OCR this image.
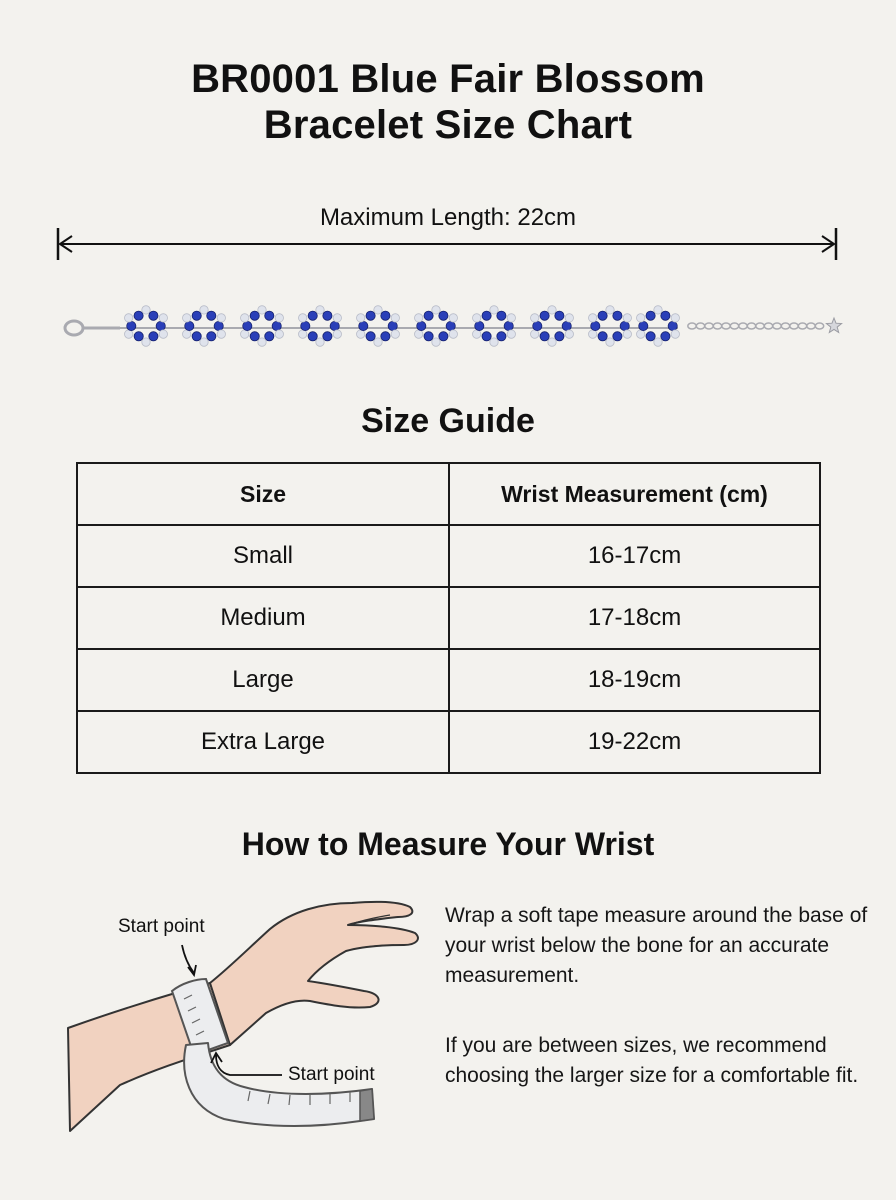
BR0001 Blue Fair Blossom
Bracelet Size Chart
Maximum Length: 22cm
Size Guide
Size	Wrist Measurement (cm)
Small	16-17cm
Medium	17-18cm
Large	18-19cm
Extra Large	19-22cm
How to Measure Your Wrist
Start point
Start point
Wrap a soft tape measure around the base of your wrist below the bone for an accurate measurement.
If you are between sizes, we recommend choosing the larger size for a comfortable fit.
